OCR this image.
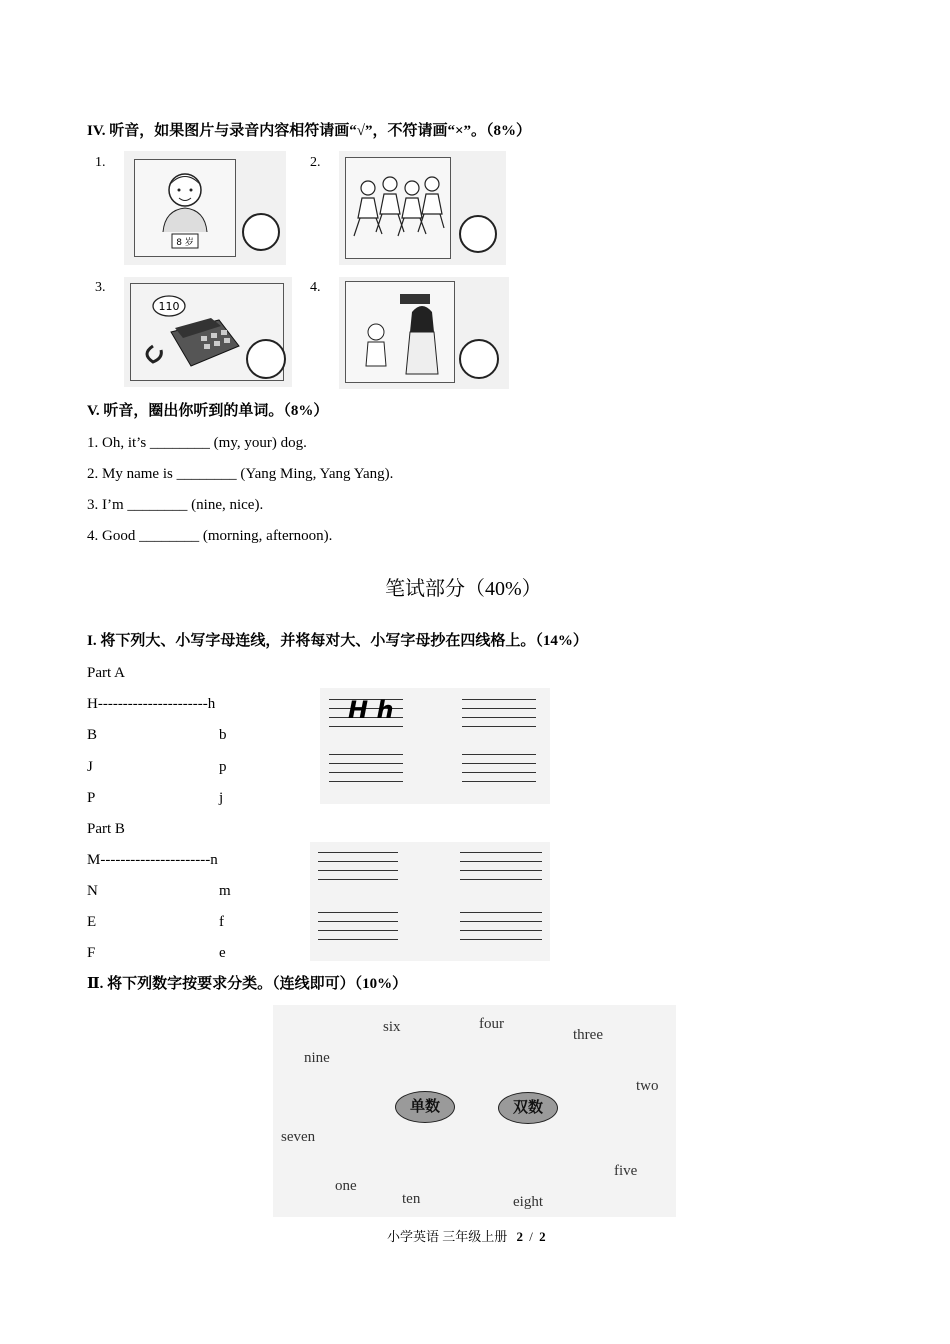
IV. 听音，如果图片与录音内容相符请画“√”，不符请画“×”。（8%）
1.
8 岁
2.
3.
110
4.
V. 听音，圈出你听到的单词。（8%）
1. Oh, it’s ________ (my, your) dog.
2. My name is ________ (Yang Ming, Yang Yang).
3. I’m ________ (nine, nice).
4. Good ________ (morning, afternoon).
笔试部分（40%）
I. 将下列大、小写字母连线，并将每对大、小写字母抄在四线格上。（14%）
Part A
H----------------------h
B	b
J	p
P	j
H h
Part B
M----------------------n
N	m
E	f
F	e
Ⅱ. 将下列数字按要求分类。（连线即可）（10%）
six	four
three
nine
two
seven
five
one
ten	eight
单数	双数
小学英语 三年级上册 2 / 2
